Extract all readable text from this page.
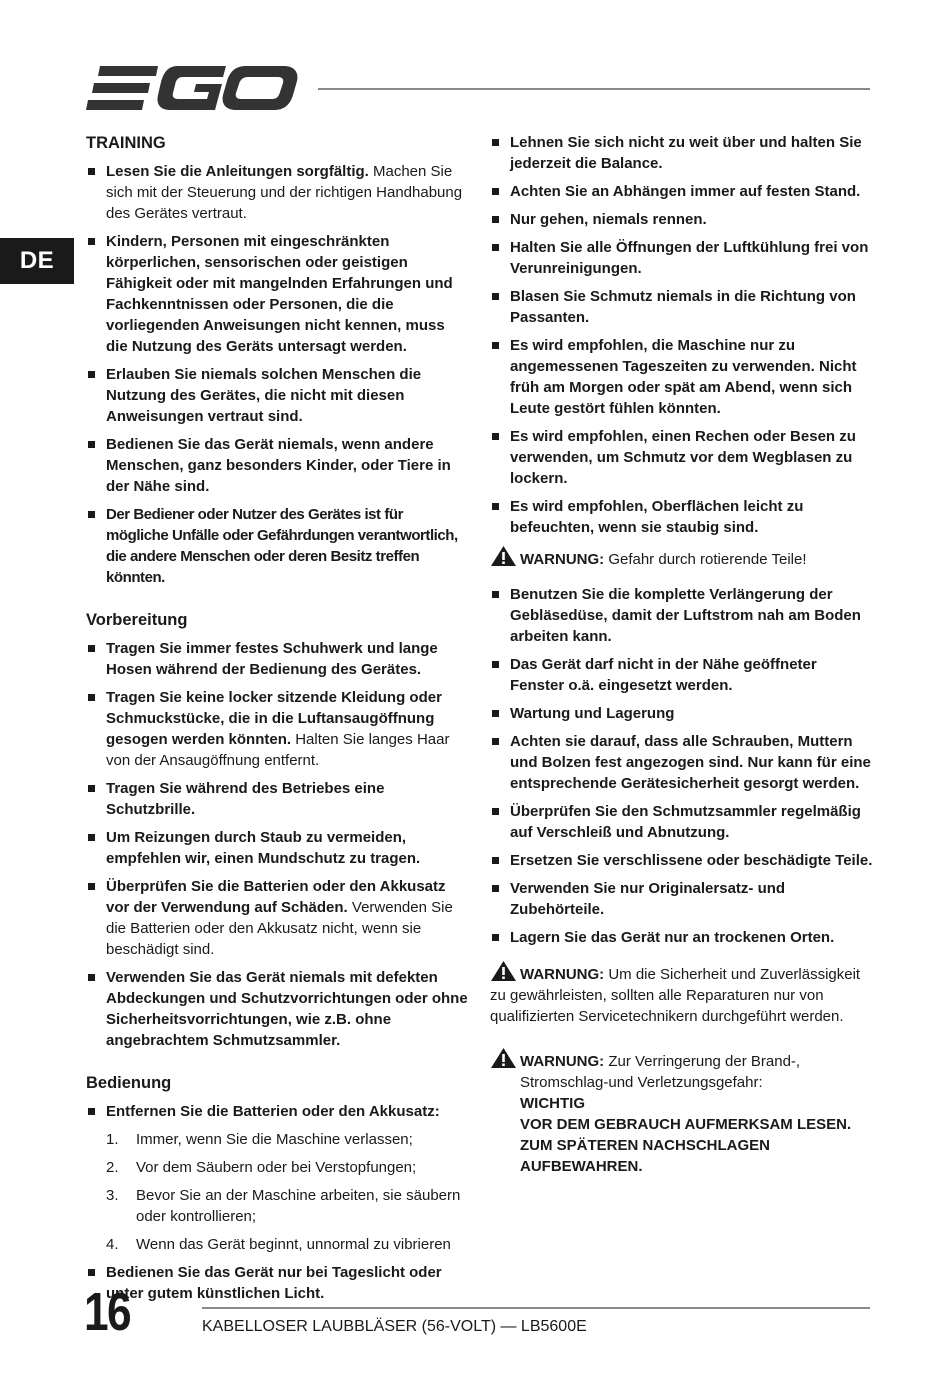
DE
TRAINING
Lesen Sie die Anleitungen sorgfältig. Machen Sie sich mit der Steuerung und der richtigen Handhabung des Gerätes vertraut.
Kindern, Personen mit eingeschränkten körperlichen, sensorischen oder geistigen Fähigkeit oder mit mangelnden Erfahrungen und Fachkenntnissen oder Personen, die die vorliegenden Anweisungen nicht kennen, muss die Nutzung des Geräts untersagt werden.
Erlauben Sie niemals solchen Menschen die Nutzung des Gerätes, die nicht mit diesen Anweisungen vertraut sind.
Bedienen Sie das Gerät niemals, wenn andere Menschen, ganz besonders Kinder, oder Tiere in der Nähe sind.
Der Bediener oder Nutzer des Gerätes ist für mögliche Unfälle oder Gefährdungen verantwortlich, die andere Menschen oder deren Besitz treffen könnten.
Vorbereitung
Tragen Sie immer festes Schuhwerk und lange Hosen während der Bedienung des Gerätes.
Tragen Sie keine locker sitzende Kleidung oder Schmuckstücke, die in die Luftansaugöffnung gesogen werden könnten. Halten Sie langes Haar von der Ansaugöffnung entfernt.
Tragen Sie während des Betriebes eine Schutzbrille.
Um Reizungen durch Staub zu vermeiden, empfehlen wir, einen Mundschutz zu tragen.
Überprüfen Sie die Batterien oder den Akkusatz vor der Verwendung auf Schäden. Verwenden Sie die Batterien oder den Akkusatz nicht, wenn sie beschädigt sind.
Verwenden Sie das Gerät niemals mit defekten Abdeckungen und Schutzvorrichtungen oder ohne Sicherheitsvorrichtungen, wie z.B. ohne angebrachtem Schmutzsammler.
Bedienung
Entfernen Sie die Batterien oder den Akkusatz:
1. Immer, wenn Sie die Maschine verlassen;
2. Vor dem Säubern oder bei Verstopfungen;
3. Bevor Sie an der Maschine arbeiten, sie säubern oder kontrollieren;
4. Wenn das Gerät beginnt, unnormal zu vibrieren
Bedienen Sie das Gerät nur bei Tageslicht oder unter gutem künstlichen Licht.
Lehnen Sie sich nicht zu weit über und halten Sie jederzeit die Balance.
Achten Sie an Abhängen immer auf festen Stand.
Nur gehen, niemals rennen.
Halten Sie alle Öffnungen der Luftkühlung frei von Verunreinigungen.
Blasen Sie Schmutz niemals in die Richtung von Passanten.
Es wird empfohlen, die Maschine nur zu angemessenen Tageszeiten zu verwenden. Nicht früh am Morgen oder spät am Abend, wenn sich Leute gestört fühlen könnten.
Es wird empfohlen, einen Rechen oder Besen zu verwenden, um Schmutz vor dem Wegblasen zu lockern.
Es wird empfohlen, Oberflächen leicht zu befeuchten, wenn sie staubig sind.
WARNUNG: Gefahr durch rotierende Teile!
Benutzen Sie die komplette Verlängerung der Gebläsedüse, damit der Luftstrom nah am Boden arbeiten kann.
Das Gerät darf nicht in der Nähe geöffneter Fenster o.ä. eingesetzt werden.
Wartung und Lagerung
Achten sie darauf, dass alle Schrauben, Muttern und Bolzen fest angezogen sind. Nur kann für eine entsprechende Gerätesicherheit gesorgt werden.
Überprüfen Sie den Schmutzsammler regelmäßig auf Verschleiß und Abnutzung.
Ersetzen Sie verschlissene oder beschädigte Teile.
Verwenden Sie nur Originalersatz- und Zubehörteile.
Lagern Sie das Gerät nur an trockenen Orten.
WARNUNG: Um die Sicherheit und Zuverlässigkeit zu gewährleisten, sollten alle Reparaturen nur von qualifizierten Servicetechnikern durchgeführt werden.
WARNUNG: Zur Verringerung der Brand-,
Stromschlag-und Verletzungsgefahr:
WICHTIG
VOR DEM GEBRAUCH AUFMERKSAM LESEN.
ZUM SPÄTEREN NACHSCHLAGEN
AUFBEWAHREN.
16	KABELLOSER LAUBBLÄSER (56-VOLT) — LB5600E
